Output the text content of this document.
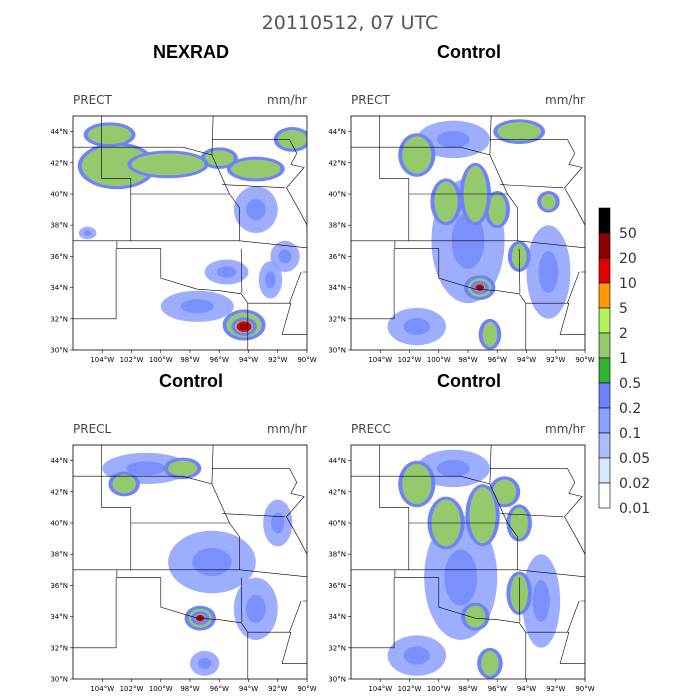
20110512, 07 UTC
NEXRAD
PRECT	mm/hr
104°W 102°W 100°W 98°W 96°W 94°W 92°W 90°W
30°N
32°N
34°N
36°N
38°N
40°N
42°N
44°N
Control
PRECT	mm/hr
104°W 102°W 100°W 98°W 96°W 94°W 92°W 90°W
30°N
32°N
34°N
36°N
38°N
40°N
42°N
44°N
Control
PRECL	mm/hr
104°W 102°W 100°W 98°W 96°W 94°W 92°W 90°W
30°N
32°N
34°N
36°N
38°N
40°N
42°N
44°N
Control
PRECC	mm/hr
104°W 102°W 100°W 98°W 96°W 94°W 92°W 90°W
30°N
32°N
34°N
36°N
38°N
40°N
42°N
44°N
50
20
10
5
2
1
0.5
0.2
0.1
0.05
0.02
0.01
